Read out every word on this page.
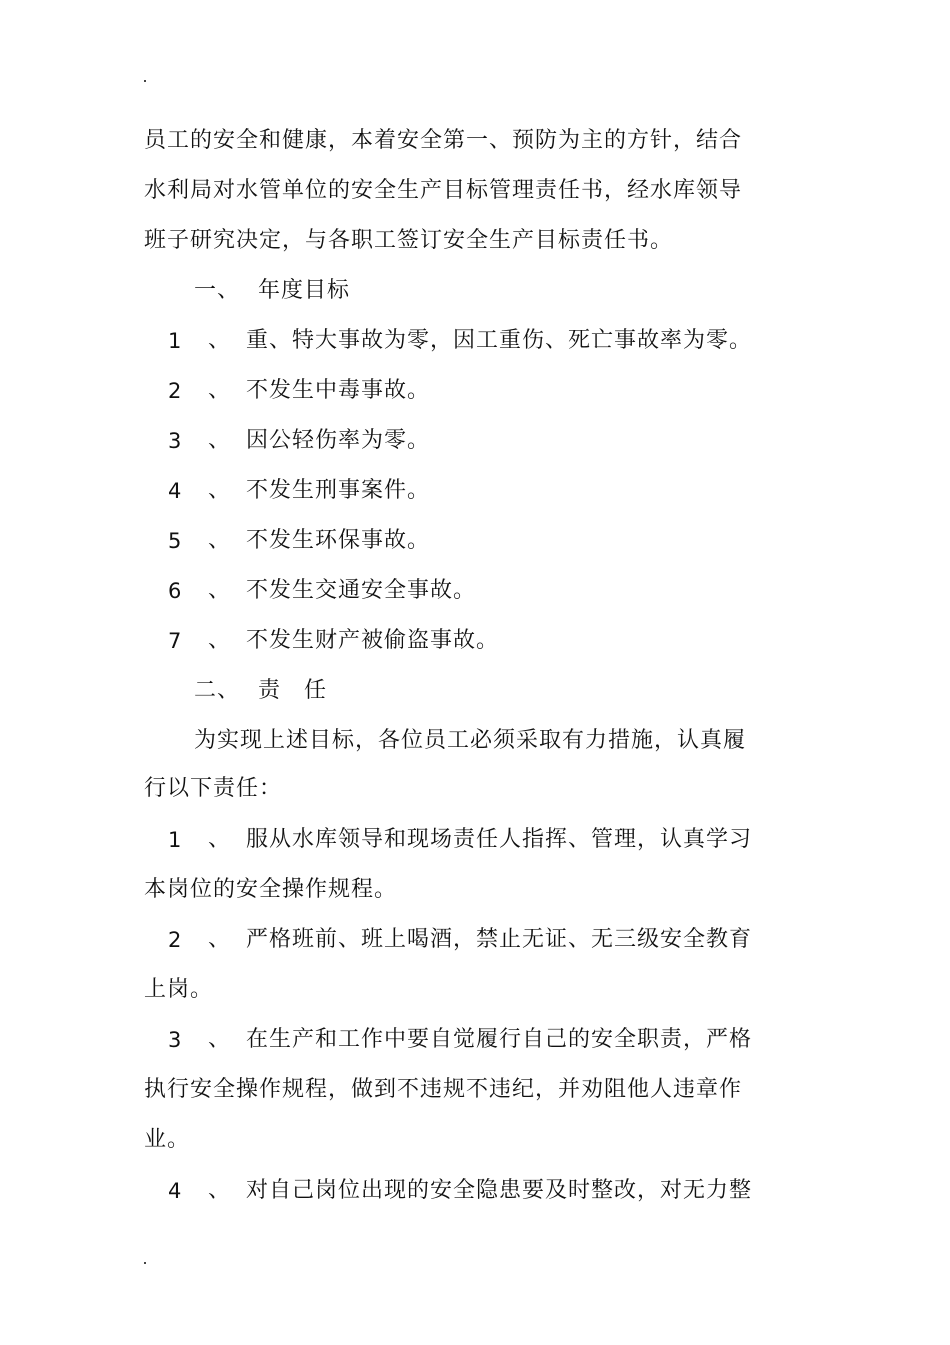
员工的安全和健康，本着安全第一、预防为主的方针，结合
水利局对水管单位的安全生产目标管理责任书，经水库领导
班子研究决定，与各职工签订安全生产目标责任书。
一、 年度目标
1 、 重、特大事故为零，因工重伤、死亡事故率为零。
2 、 不发生中毒事故。
3 、 因公轻伤率为零。
4 、 不发生刑事案件。
5 、 不发生环保事故。
6 、 不发生交通安全事故。
7 、 不发生财产被偷盗事故。
二、 责　任
为实现上述目标，各位员工必须采取有力措施，认真履
行以下责任：
1 、 服从水库领导和现场责任人指挥、管理，认真学习
本岗位的安全操作规程。
2 、 严格班前、班上喝酒，禁止无证、无三级安全教育
上岗。
3 、 在生产和工作中要自觉履行自己的安全职责，严格
执行安全操作规程，做到不违规不违纪，并劝阻他人违章作
业。
4 、 对自己岗位出现的安全隐患要及时整改，对无力整
